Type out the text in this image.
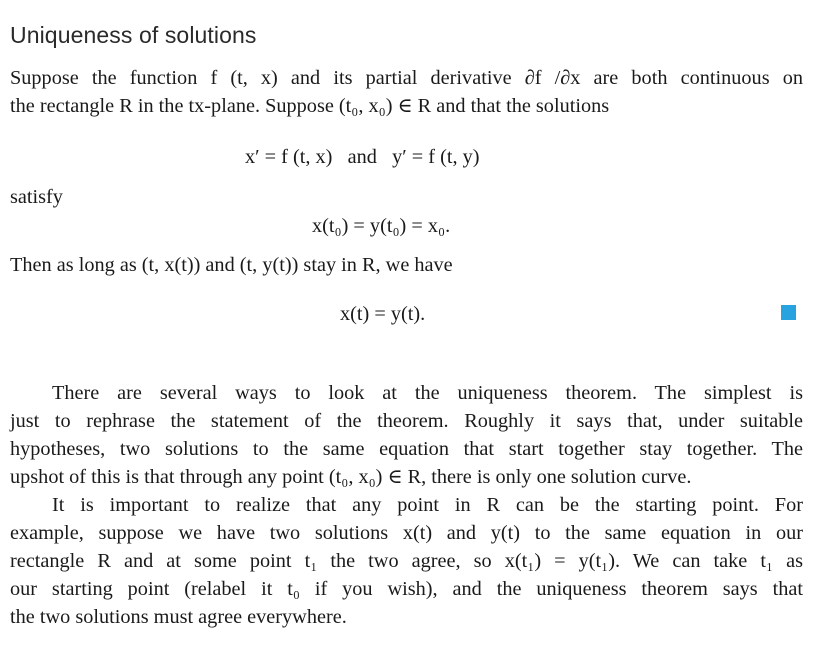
Uniqueness of solutions
Suppose the function f (t, x) and its partial derivative ∂f /∂x are both continuous on
the rectangle R in the tx-plane. Suppose (t₀, x₀) ∈ R and that the solutions
x′ = f (t, x)   and   y′ = f (t, y)
satisfy
x(t₀) = y(t₀) = x₀.
Then as long as (t, x(t)) and (t, y(t)) stay in R, we have
x(t) = y(t).
There are several ways to look at the uniqueness theorem. The simplest is
just to rephrase the statement of the theorem. Roughly it says that, under suitable
hypotheses, two solutions to the same equation that start together stay together. The
upshot of this is that through any point (t₀, x₀) ∈ R, there is only one solution curve.
It is important to realize that any point in R can be the starting point. For
example, suppose we have two solutions x(t) and y(t) to the same equation in our
rectangle R and at some point t₁ the two agree, so x(t₁) = y(t₁). We can take t₁ as
our starting point (relabel it t₀ if you wish), and the uniqueness theorem says that
the two solutions must agree everywhere.
